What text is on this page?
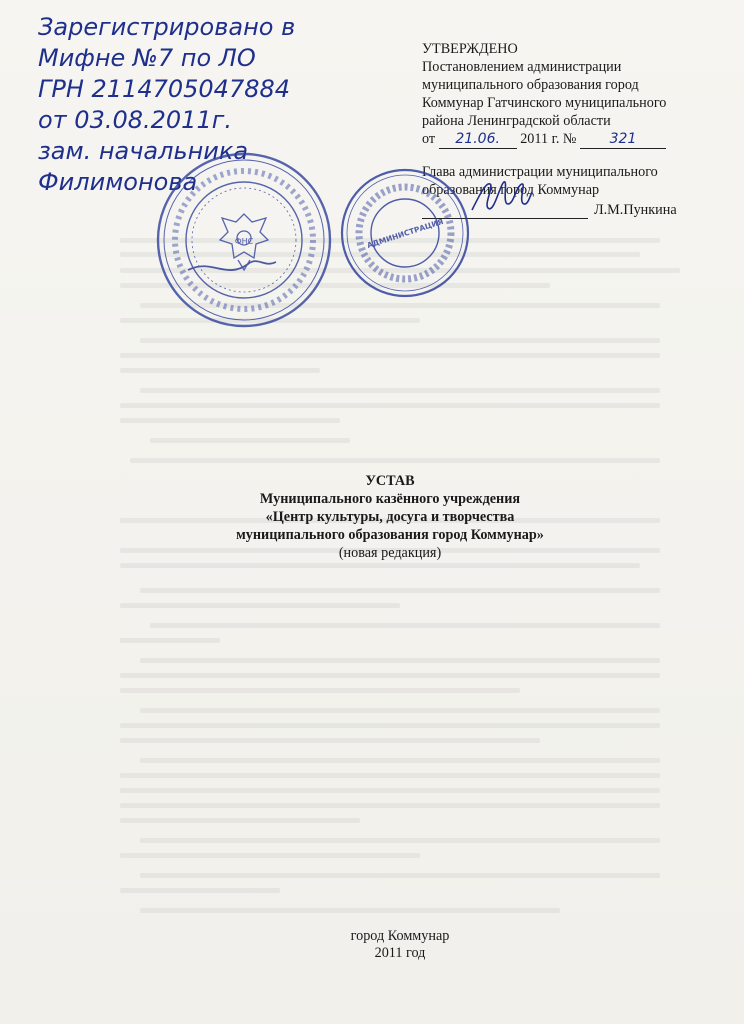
Зарегистрировано в
Мифне №7 по ЛО
ГРН 2114705047884
от 03.08.2011г.
зам. начальника
Филимонова
УТВЕРЖДЕНО
Постановлением администрации
муниципального образования город
Коммунар Гатчинского муниципального
района Ленинградской области
от 21.06. 2011 г. № 321
Глава администрации муниципального
образования город Коммунар
Л.М.Пункина
ФНС	АДМИНИСТРАЦИЯ
УСТАВ
Муниципального казённого учреждения
«Центр культуры, досуга и творчества
муниципального образования город Коммунар»
(новая редакция)
город Коммунар
2011 год
